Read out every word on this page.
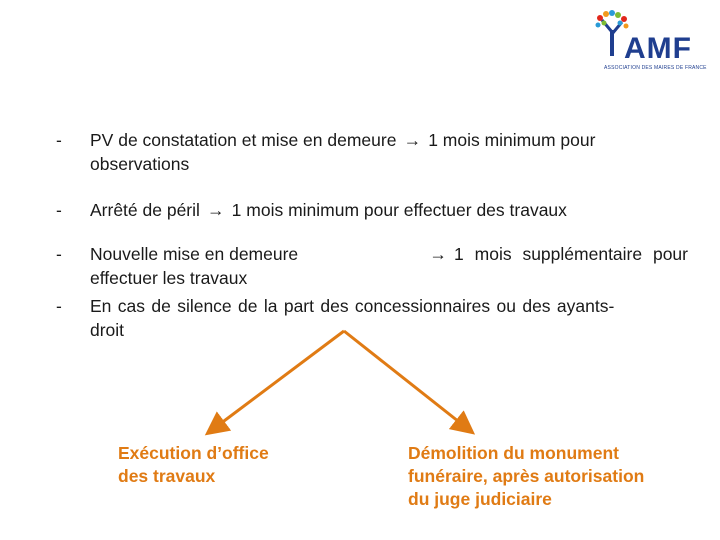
AMF
ASSOCIATION DES MAIRES DE FRANCE
- PV de constatation et mise en demeure → 1 mois minimum pour
observations
- Arrêté de péril → 1 mois minimum pour effectuer des travaux
- Nouvelle mise en demeure	→ 1 mois supplémentaire pour
effectuer les travaux
- En cas de silence de la part des concessionnaires ou des ayants-
droit
Exécution d’office
des travaux
Démolition du monument
funéraire, après autorisation
du juge judiciaire
